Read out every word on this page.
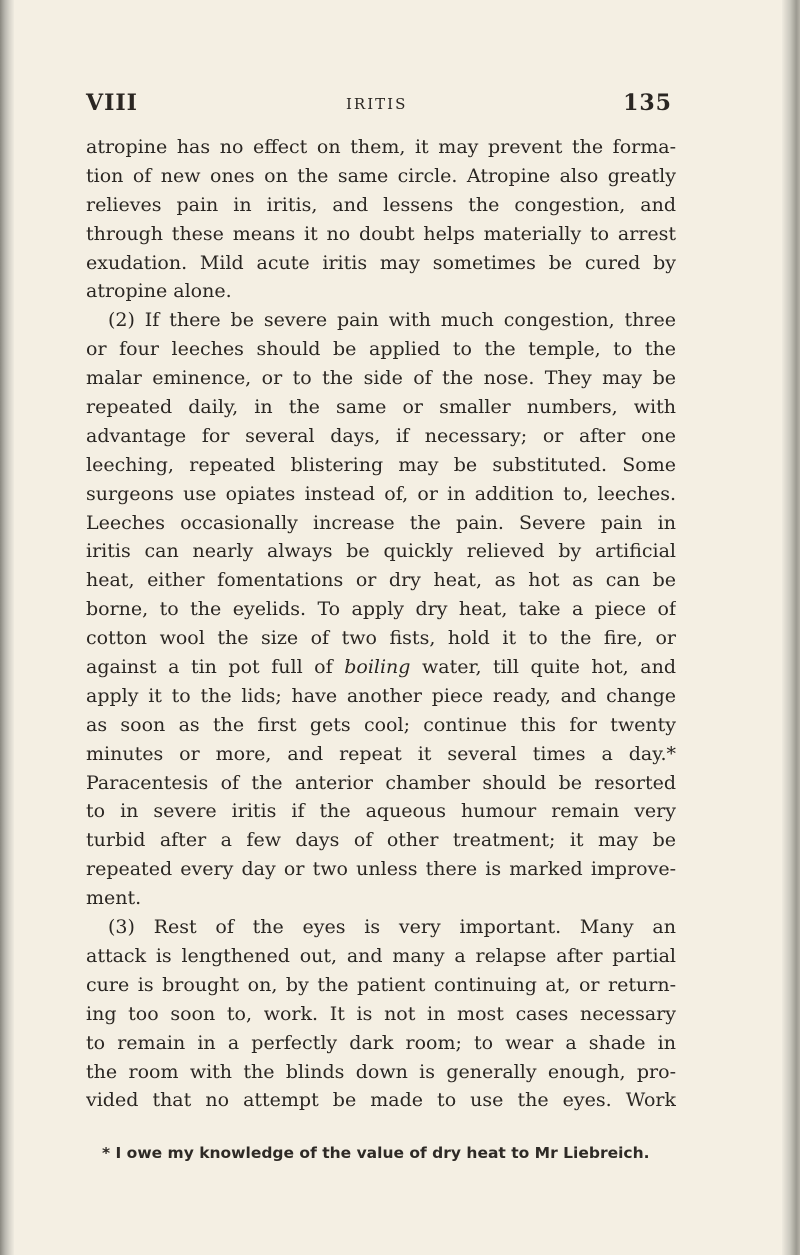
VIII	IRITIS	135
atropine has no effect on them, it may prevent the forma-
tion of new ones on the same circle. Atropine also greatly
relieves pain in iritis, and lessens the congestion, and
through these means it no doubt helps materially to arrest
exudation. Mild acute iritis may sometimes be cured by
atropine alone.
(2) If there be severe pain with much congestion, three
or four leeches should be applied to the temple, to the
malar eminence, or to the side of the nose. They may be
repeated daily, in the same or smaller numbers, with
advantage for several days, if necessary; or after one
leeching, repeated blistering may be substituted. Some
surgeons use opiates instead of, or in addition to, leeches.
Leeches occasionally increase the pain. Severe pain in
iritis can nearly always be quickly relieved by artificial
heat, either fomentations or dry heat, as hot as can be
borne, to the eyelids. To apply dry heat, take a piece of
cotton wool the size of two fists, hold it to the fire, or
against a tin pot full of boiling water, till quite hot, and
apply it to the lids; have another piece ready, and change
as soon as the first gets cool; continue this for twenty
minutes or more, and repeat it several times a day.*
Paracentesis of the anterior chamber should be resorted
to in severe iritis if the aqueous humour remain very
turbid after a few days of other treatment; it may be
repeated every day or two unless there is marked improve-
ment.
(3) Rest of the eyes is very important. Many an
attack is lengthened out, and many a relapse after partial
cure is brought on, by the patient continuing at, or return-
ing too soon to, work. It is not in most cases necessary
to remain in a perfectly dark room; to wear a shade in
the room with the blinds down is generally enough, pro-
vided that no attempt be made to use the eyes. Work
* I owe my knowledge of the value of dry heat to Mr Liebreich.
